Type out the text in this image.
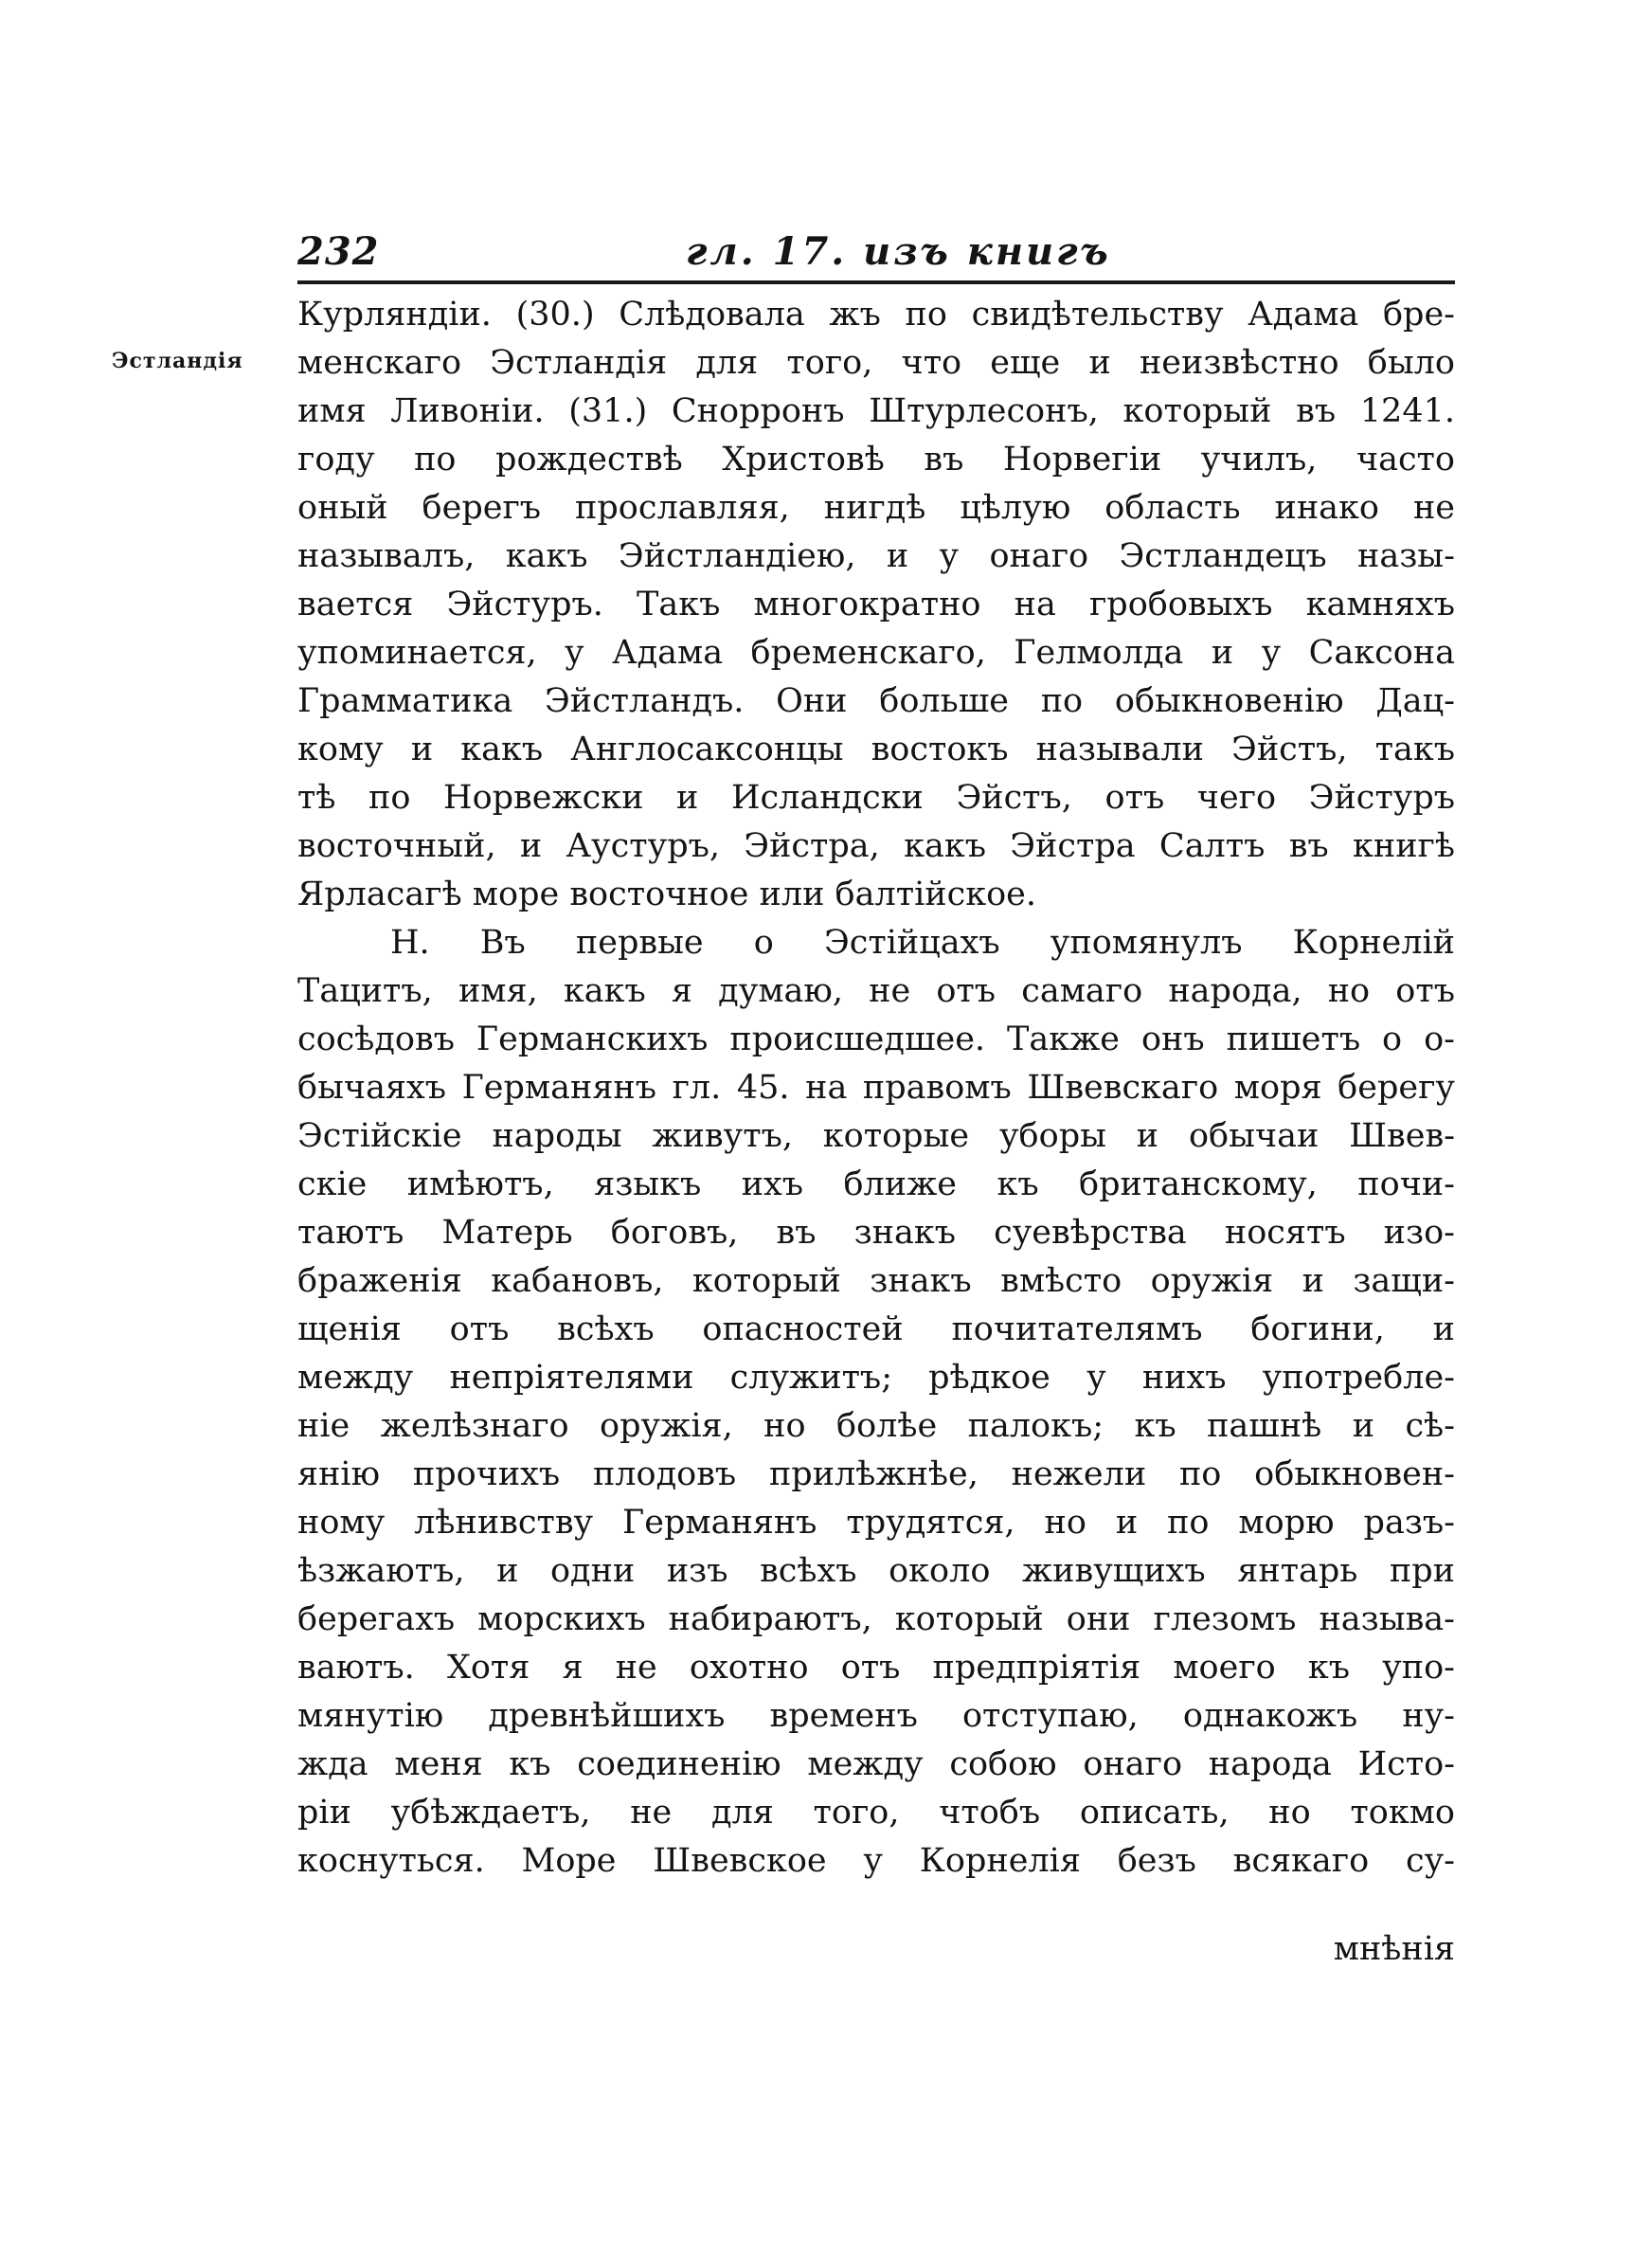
232	гл. 17. изъ книгъ
Эстландія
Курляндіи. (30.) Слѣдовала жъ по свидѣтельству Адама бре-
менскаго Эстландія для того, что еще и неизвѣстно было
имя Ливоніи. (31.) Снорронъ Штурлесонъ, который въ 1241.
году по рождествѣ Христовѣ въ Норвегіи училъ, часто
оный берегъ прославляя, нигдѣ цѣлую область инако не
называлъ, какъ Эйстландіею, и у онаго Эстландецъ назы-
вается Эйстуръ. Такъ многократно на гробовыхъ камняхъ
упоминается, у Адама бременскаго, Гелмолда и у Саксона
Грамматика Эйстландъ. Они больше по обыкновенію Дац-
кому и какъ Англосаксонцы востокъ называли Эйстъ, такъ
тѣ по Норвежски и Исландски Эйстъ, отъ чего Эйстуръ
восточный, и Аустуръ, Эйстра, какъ Эйстра Салтъ въ книгѣ
Ярласагѣ море восточное или балтійское.
Н. Въ первые о Эстійцахъ упомянулъ Корнелій
Тацитъ, имя, какъ я думаю, не отъ самаго народа, но отъ
сосѣдовъ Германскихъ происшедшее. Также онъ пишетъ о о-
бычаяхъ Германянъ гл. 45. на правомъ Швевскаго моря берегу
Эстійскіе народы живутъ, которые уборы и обычаи Швев-
скіе имѣютъ, языкъ ихъ ближе къ британскому, почи-
таютъ Матерь боговъ, въ знакъ суевѣрства носятъ изо-
браженія кабановъ, который знакъ вмѣсто оружія и защи-
щенія отъ всѣхъ опасностей почитателямъ богини, и
между непріятелями служитъ; рѣдкое у нихъ употребле-
ніе желѣзнаго оружія, но болѣе палокъ; къ пашнѣ и сѣ-
янію прочихъ плодовъ прилѣжнѣе, нежели по обыкновен-
ному лѣнивству Германянъ трудятся, но и по морю разъ-
ѣзжаютъ, и одни изъ всѣхъ около живущихъ янтарь при
берегахъ морскихъ набираютъ, который они глезомъ называ-
ваютъ. Хотя я не охотно отъ предпріятія моего къ упо-
мянутію древнѣйшихъ временъ отступаю, однакожъ ну-
жда меня къ соединенію между собою онаго народа Исто-
ріи убѣждаетъ, не для того, чтобъ описать, но токмо
коснуться. Море Швевское у Корнелія безъ всякаго су-
мнѣнія
